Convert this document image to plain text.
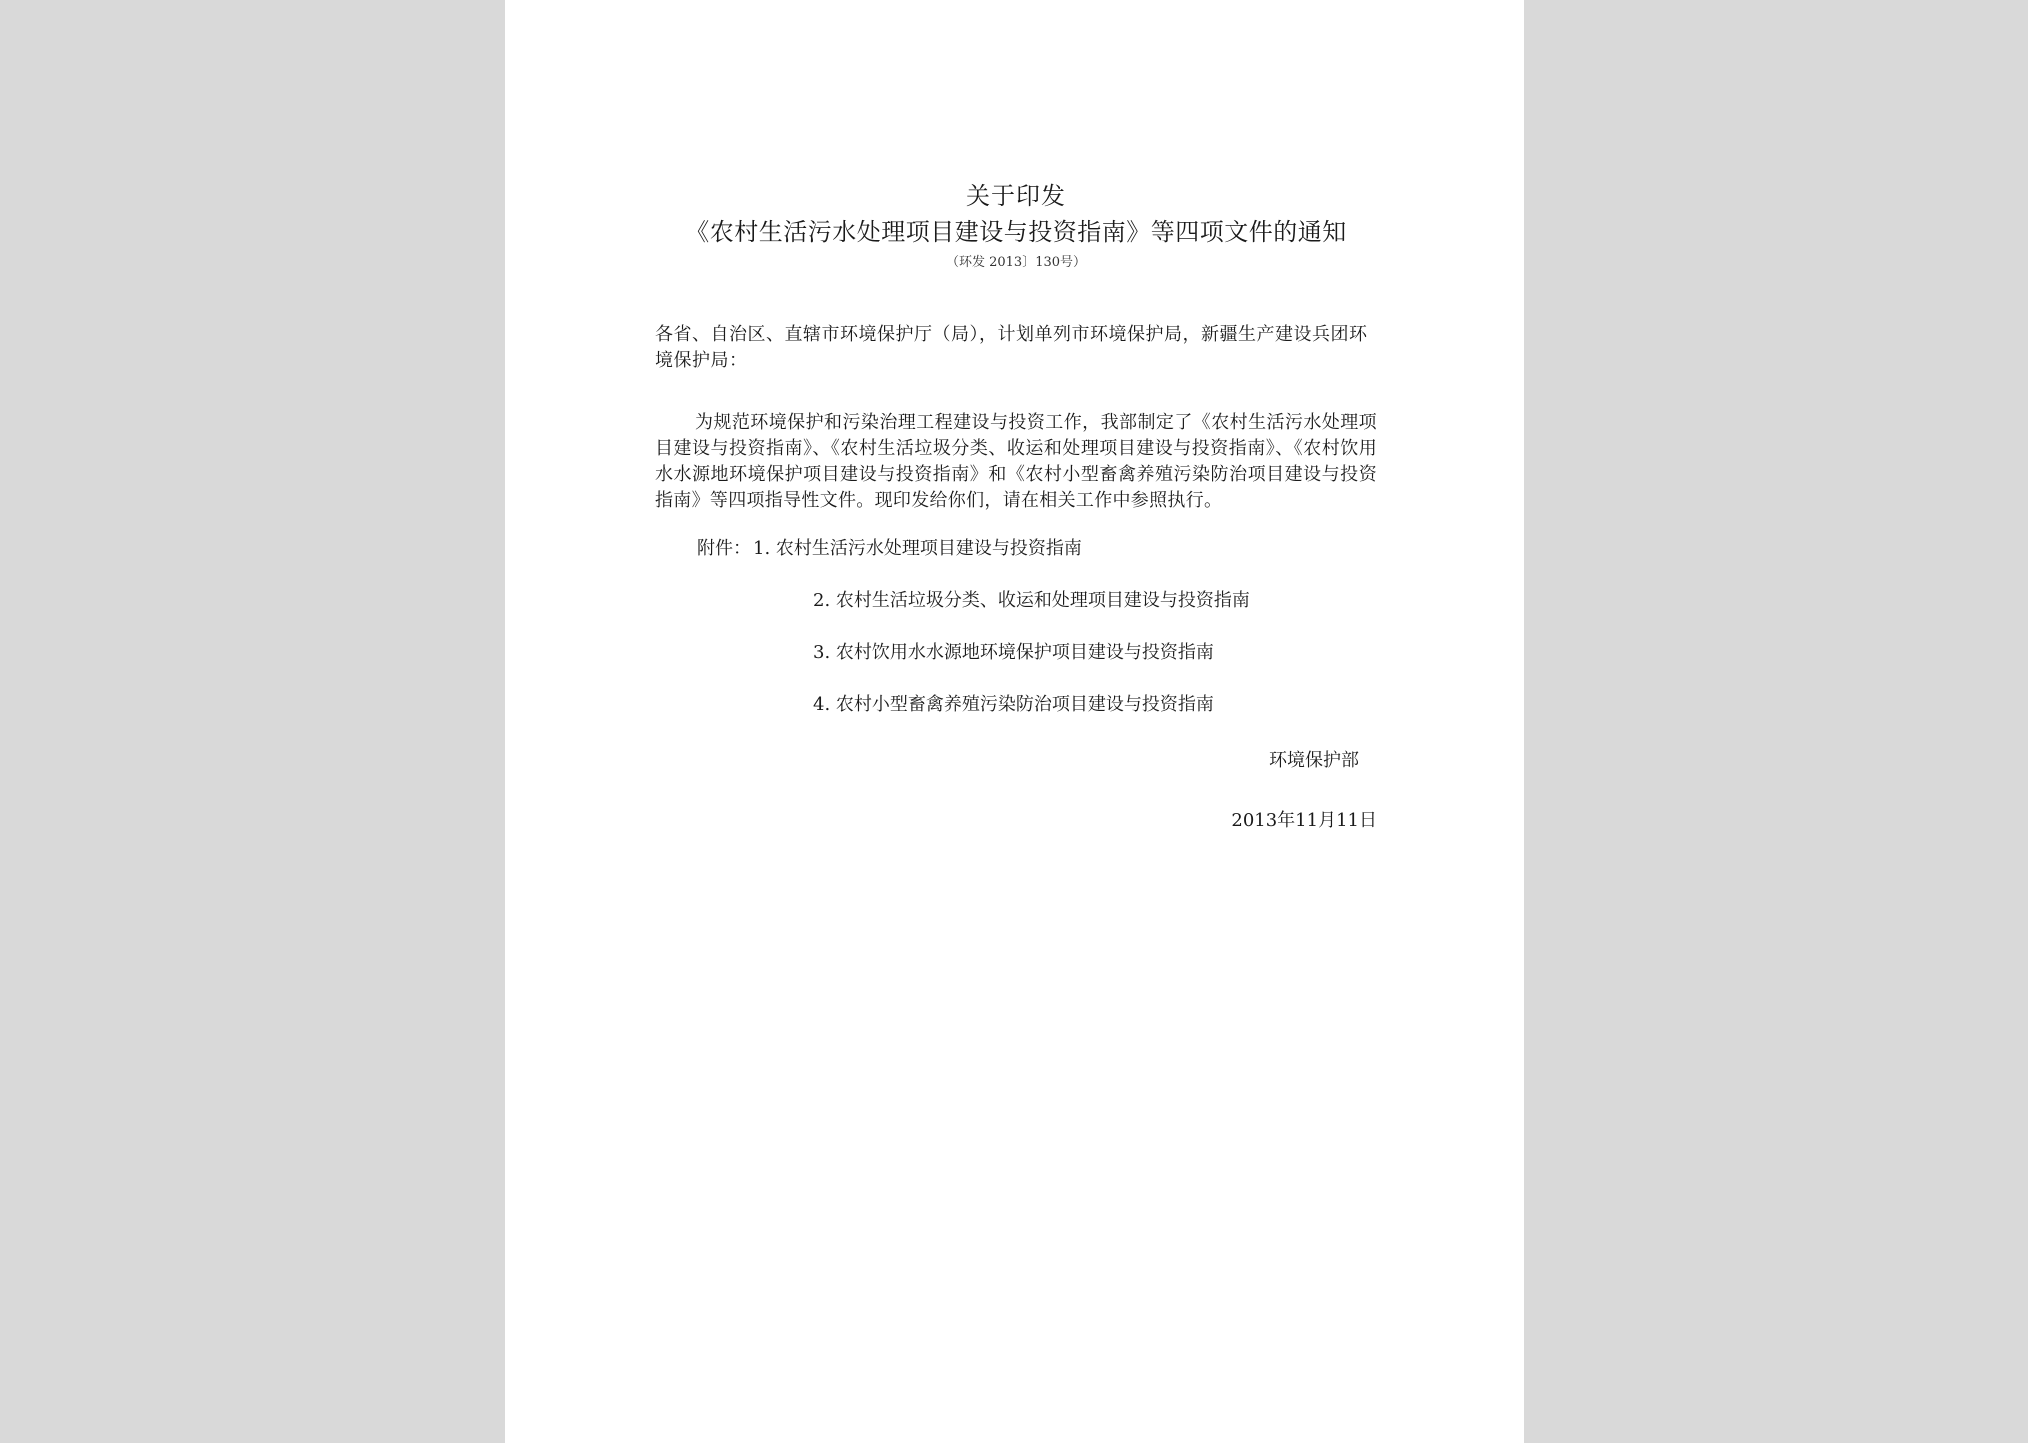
关于印发

《农村生活污水处理项目建设与投资指南》等四项文件的通知

（环发 2013〕130号）

各省、自治区、直辖市环境保护厅（局），计划单列市环境保护局，新疆生产建设兵团环境保护局：
为规范环境保护和污染治理工程建设与投资工作，我部制定了《农村生活污水处理项目建设与投资指南》、《农村生活垃圾分类、收运和处理项目建设与投资指南》、《农村饮用水水源地环境保护项目建设与投资指南》和《农村小型畜禽养殖污染防治项目建设与投资指南》等四项指导性文件。现印发给你们，请在相关工作中参照执行。
附件： 1. 农村生活污水处理项目建设与投资指南
2. 农村生活垃圾分类、收运和处理项目建设与投资指南
3. 农村饮用水水源地环境保护项目建设与投资指南
4. 农村小型畜禽养殖污染防治项目建设与投资指南
环境保护部
2013年11月11日
